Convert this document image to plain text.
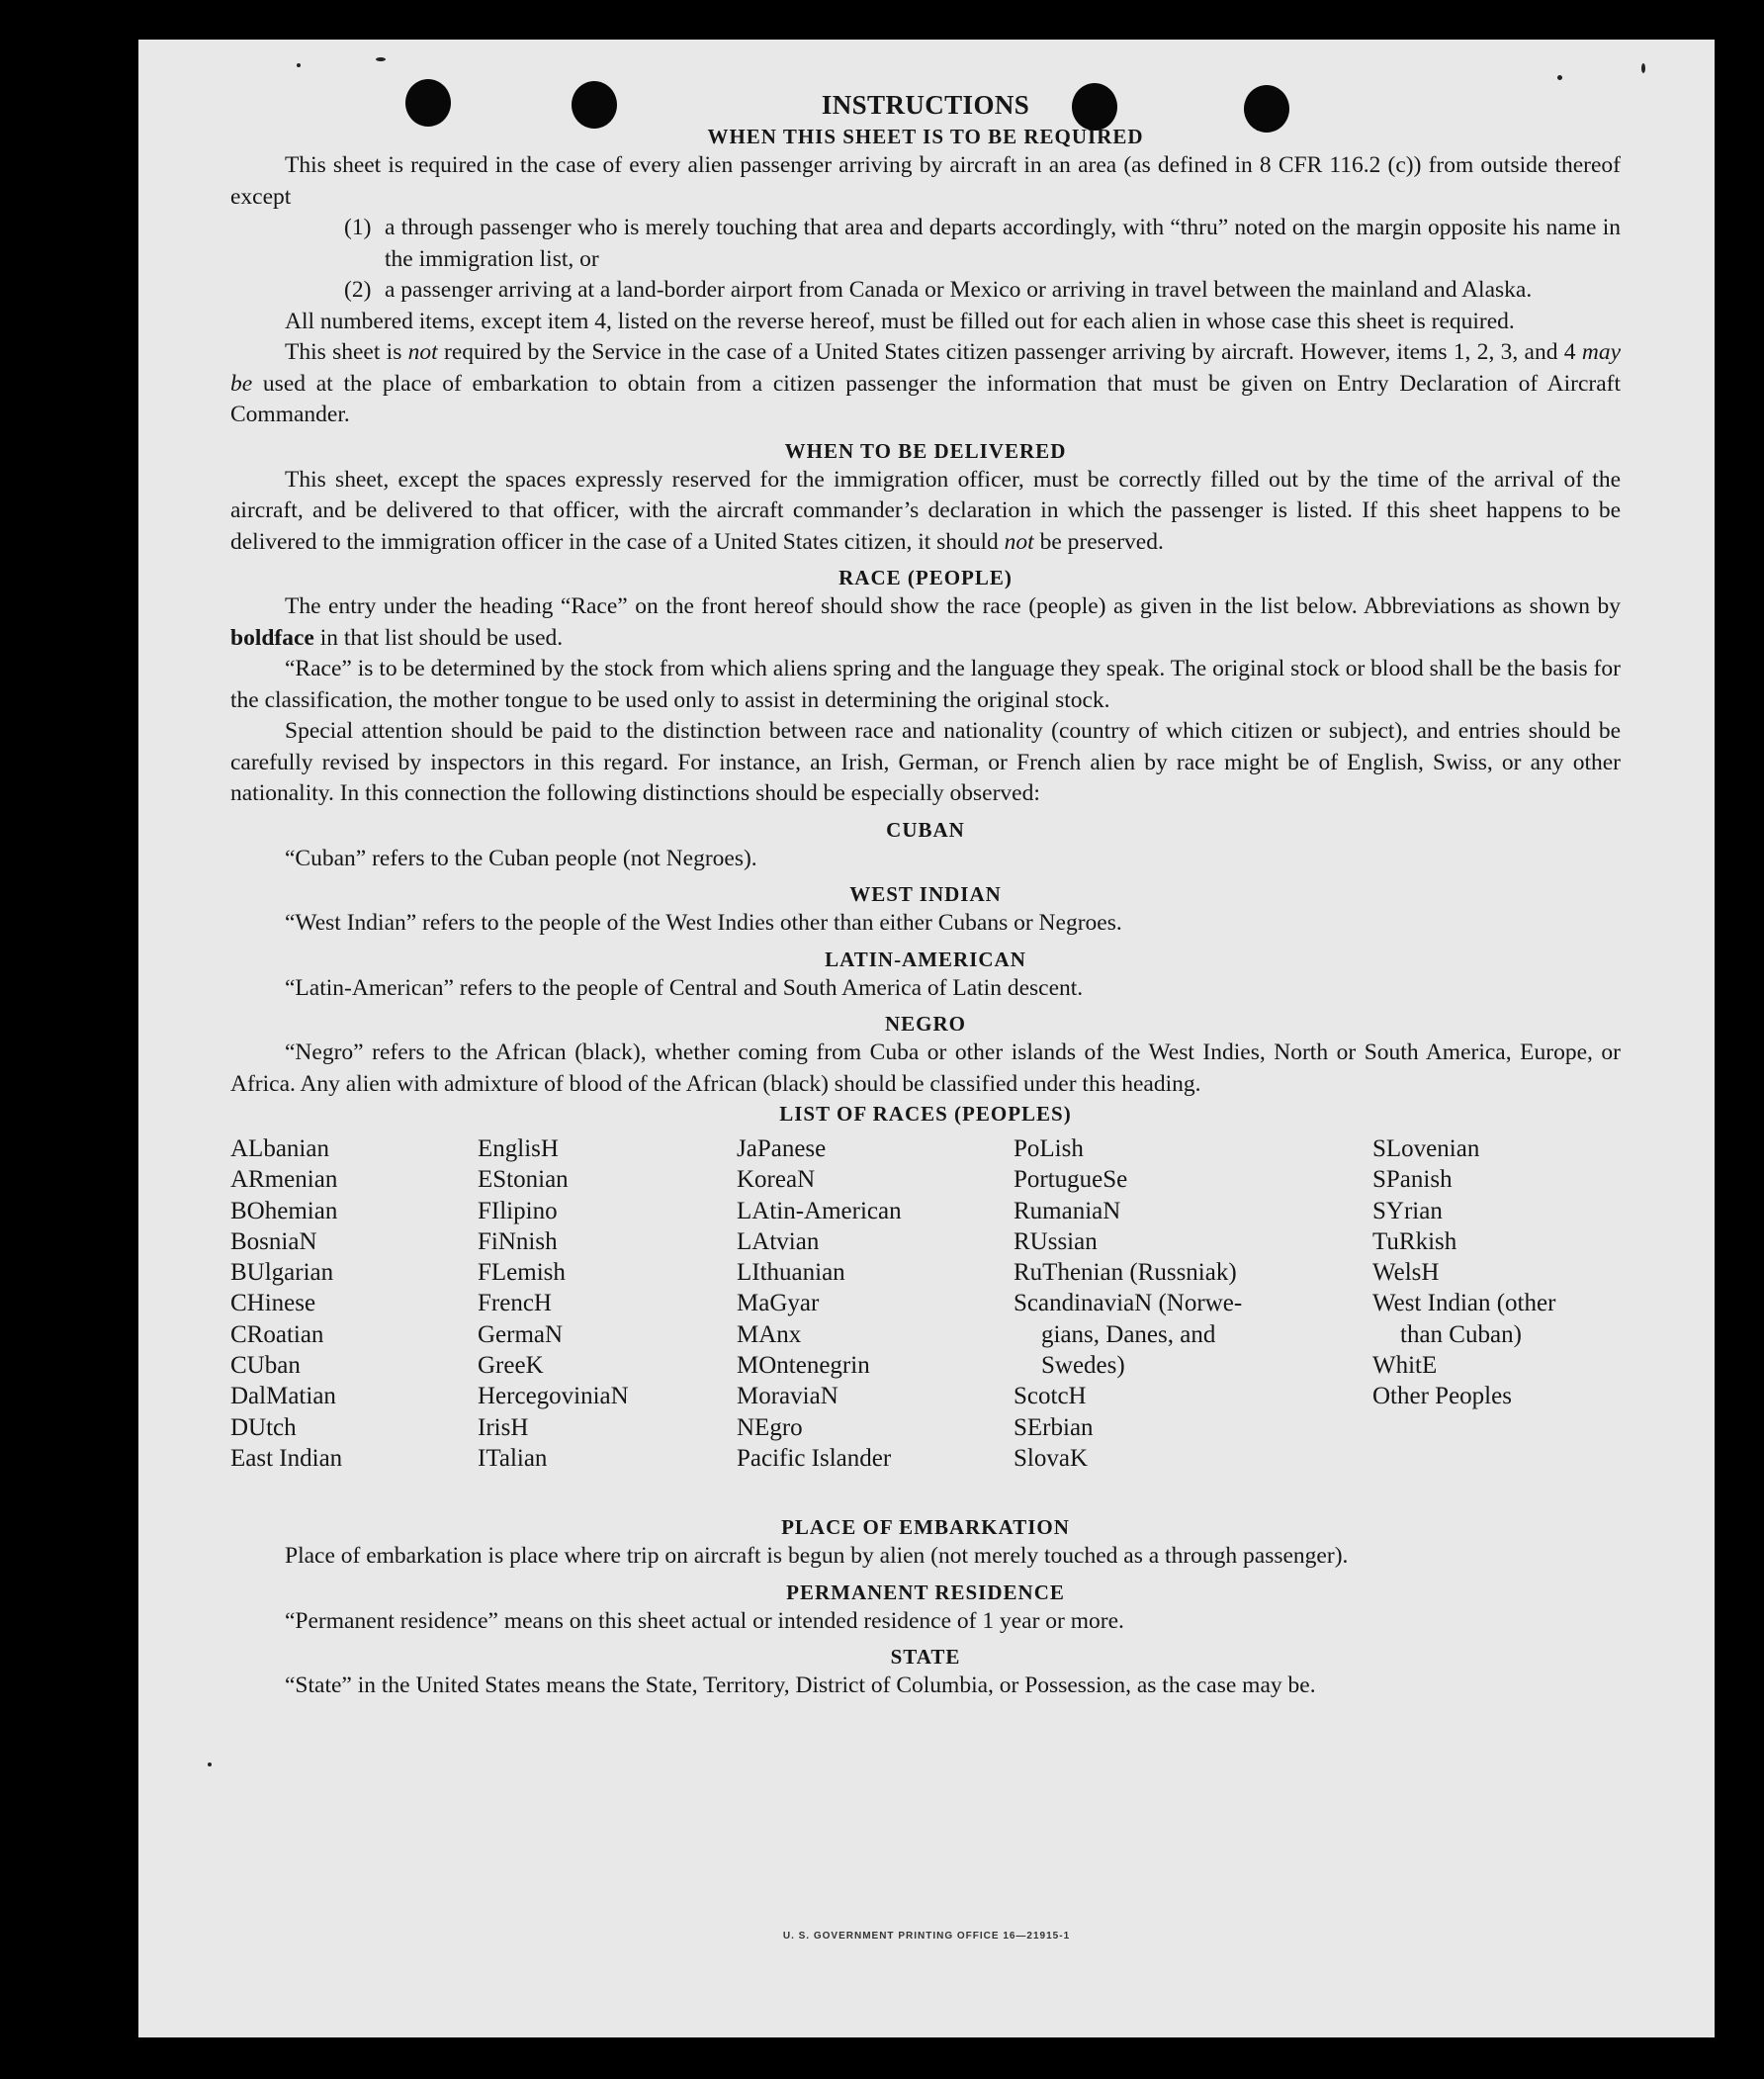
INSTRUCTIONS
WHEN THIS SHEET IS TO BE REQUIRED

This sheet is required in the case of every alien passenger arriving by aircraft in an area (as defined in 8 CFR 116.2 (c)) from outside thereof except

(1) a through passenger who is merely touching that area and departs accordingly, with “thru” noted on the margin opposite his name in the immigration list, or
(2) a passenger arriving at a land-border airport from Canada or Mexico or arriving in travel between the mainland and Alaska.

All numbered items, except item 4, listed on the reverse hereof, must be filled out for each alien in whose case this sheet is required.

This sheet is not required by the Service in the case of a United States citizen passenger arriving by aircraft. However, items 1, 2, 3, and 4 may be used at the place of embarkation to obtain from a citizen passenger the information that must be given on Entry Declaration of Aircraft Commander.

WHEN TO BE DELIVERED

This sheet, except the spaces expressly reserved for the immigration officer, must be correctly filled out by the time of the arrival of the aircraft, and be delivered to that officer, with the aircraft commander’s declaration in which the passenger is listed. If this sheet happens to be delivered to the immigration officer in the case of a United States citizen, it should not be preserved.

RACE (PEOPLE)

The entry under the heading “Race” on the front hereof should show the race (people) as given in the list below. Abbreviations as shown by boldface in that list should be used.

“Race” is to be determined by the stock from which aliens spring and the language they speak. The original stock or blood shall be the basis for the classification, the mother tongue to be used only to assist in determining the original stock.

Special attention should be paid to the distinction between race and nationality (country of which citizen or subject), and entries should be carefully revised by inspectors in this regard. For instance, an Irish, German, or French alien by race might be of English, Swiss, or any other nationality. In this connection the following distinctions should be especially observed:

CUBAN

“Cuban” refers to the Cuban people (not Negroes).

WEST INDIAN

“West Indian” refers to the people of the West Indies other than either Cubans or Negroes.

LATIN-AMERICAN

“Latin-American” refers to the people of Central and South America of Latin descent.

NEGRO

“Negro” refers to the African (black), whether coming from Cuba or other islands of the West Indies, North or South America, Europe, or Africa. Any alien with admixture of blood of the African (black) should be classified under this heading.

LIST OF RACES (PEOPLES)
ALbanian
ARmenian
BOhemian
BosniaN
BUlgarian
CHinese
CRoatian
CUban
DalMatian
DUtch
East Indian
EnglisH
EStonian
FIlipino
FiNnish
FLemish
FrencH
GermaN
GreeK
HercegoviniaN
IrisH
ITalian
JaPanese
KoreaN
LAtin-American
LAtvian
LIthuanian
MaGyar
MAnx
MOntenegrin
MoraviaN
NEgro
Pacific Islander
PoLish
PortugueSe
RumaniaN
RUssian
RuThenian (Russniak)
ScandinaviaN (Norwe-
gians, Danes, and
Swedes)
ScotcH
SErbian
SlovaK
SLovenian
SPanish
SYrian
TuRkish
WelsH
West Indian (other
than Cuban)
WhitE
Other Peoples
PLACE OF EMBARKATION

Place of embarkation is place where trip on aircraft is begun by alien (not merely touched as a through passenger).

PERMANENT RESIDENCE

“Permanent residence” means on this sheet actual or intended residence of 1 year or more.

STATE

“State” in the United States means the State, Territory, District of Columbia, or Possession, as the case may be.

U. S. GOVERNMENT PRINTING OFFICE 16—21915-1
